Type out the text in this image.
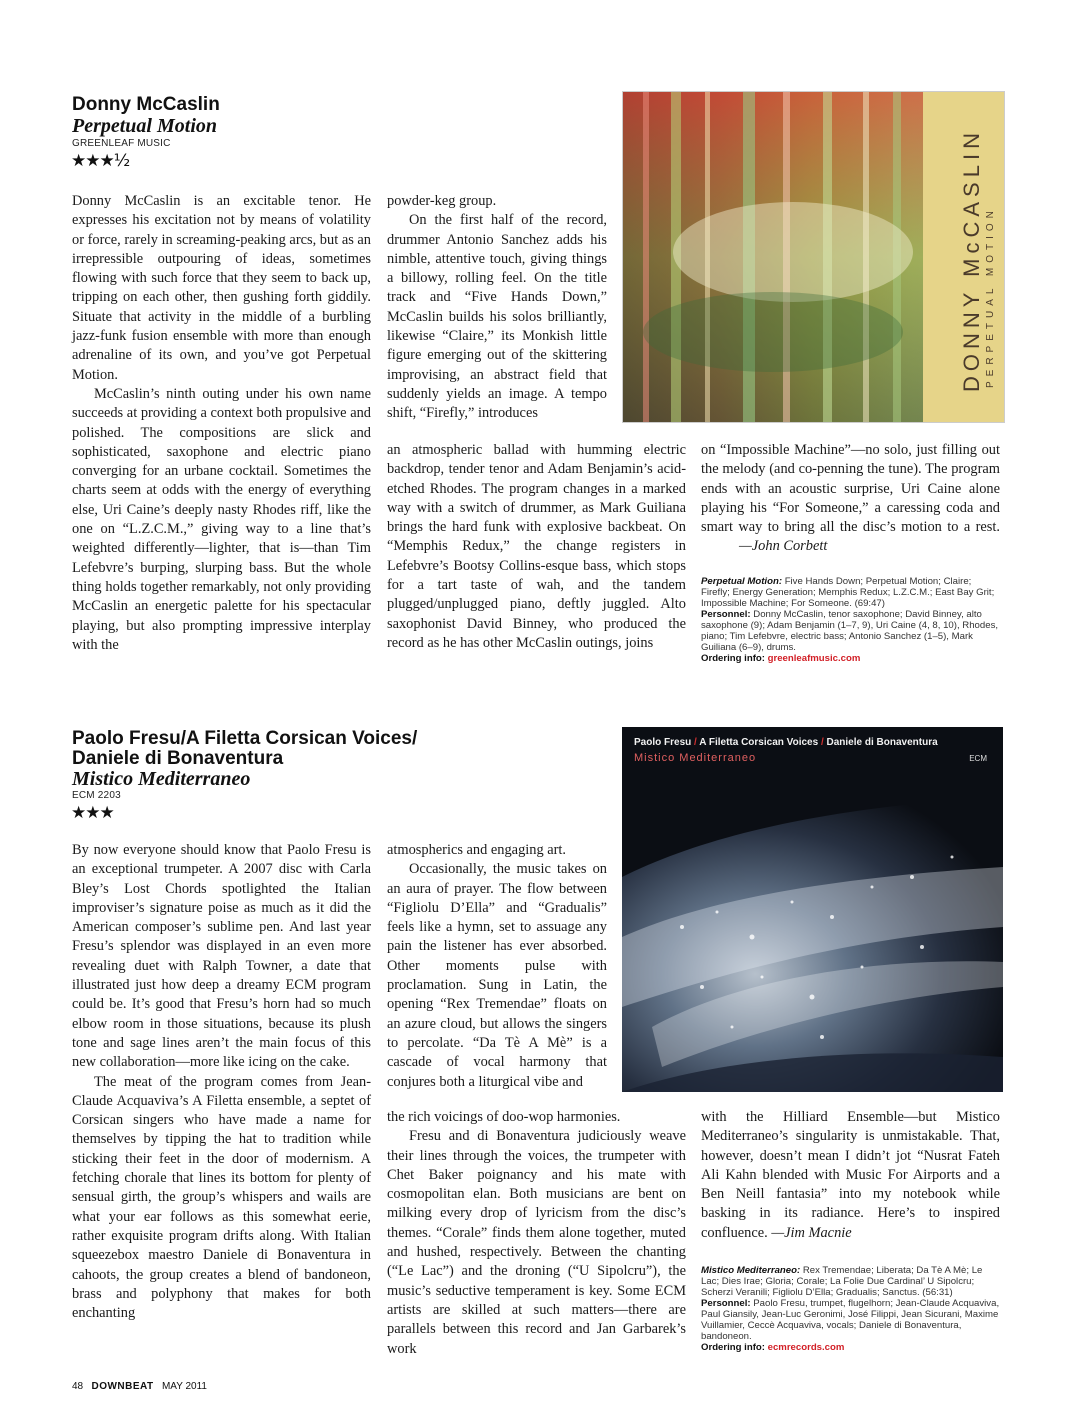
Donny McCaslin
Perpetual Motion
GREENLEAF MUSIC
★★★½

Donny McCaslin is an excitable tenor. He expresses his excitation not by means of volatility or force, rarely in screaming-peaking arcs, but as an irrepressible outpouring of ideas, sometimes flowing with such force that they seem to back up, tripping on each other, then gushing forth giddily. Situate that activity in the middle of a burbling jazz-funk fusion ensemble with more than enough adrenaline of its own, and you’ve got Perpetual Motion.

McCaslin’s ninth outing under his own name succeeds at providing a context both propulsive and polished. The compositions are slick and sophisticated, saxophone and electric piano converging for an urbane cocktail. Sometimes the charts seem at odds with the energy of everything else, Uri Caine’s deeply nasty Rhodes riff, like the one on “L.Z.C.M.,” giving way to a line that’s weighted differently—lighter, that is—than Tim Lefebvre’s burping, slurping bass. But the whole thing holds together remarkably, not only providing McCaslin an energetic palette for his spectacular playing, but also prompting impressive interplay with the

powder-keg group.

On the first half of the record, drummer Antonio Sanchez adds his nimble, attentive touch, giving things a billowy, rolling feel. On the title track and “Five Hands Down,” McCaslin builds his solos brilliantly, likewise “Claire,” its Monkish little figure emerging out of the skittering improvising, an abstract field that suddenly yields an image. A tempo shift, “Firefly,” introduces

an atmospheric ballad with humming electric backdrop, tender tenor and Adam Benjamin’s acid-etched Rhodes. The program changes in a marked way with a switch of drummer, as Mark Guiliana brings the hard funk with explosive backbeat. On “Memphis Redux,” the change registers in Lefebvre’s Bootsy Collins-esque bass, which stops for a tart taste of wah, and the tandem plugged/unplugged piano, deftly juggled. Alto saxophonist David Binney, who produced the record as he has other McCaslin outings, joins

on “Impossible Machine”—no solo, just filling out the melody (and co-penning the tune). The program ends with an acoustic surprise, Uri Caine alone playing his “For Someone,” a caressing coda and smart way to bring all the disc’s motion to a rest.—John Corbett

Perpetual Motion: Five Hands Down; Perpetual Motion; Claire; Firefly; Energy Generation; Memphis Redux; L.Z.C.M.; East Bay Grit; Impossible Machine; For Someone. (69:47)

Personnel: Donny McCaslin, tenor saxophone; David Binney, alto saxophone (9); Adam Benjamin (1–7, 9), Uri Caine (4, 8, 10), Rhodes, piano; Tim Lefebvre, electric bass; Antonio Sanchez (1–5), Mark Guiliana (6–9), drums.

Ordering info: greenleafmusic.com

DONNY McCASLIN PERPETUAL MOTION
Paolo Fresu/A Filetta Corsican Voices/
Daniele di Bonaventura
Mistico Mediterraneo
ECM 2203
★★★

By now everyone should know that Paolo Fresu is an exceptional trumpeter. A 2007 disc with Carla Bley’s Lost Chords spotlighted the Italian improviser’s signature poise as much as it did the American composer’s sublime pen. And last year Fresu’s splendor was displayed in an even more revealing duet with Ralph Towner, a date that illustrated just how deep a dreamy ECM program could be. It’s good that Fresu’s horn had so much elbow room in those situations, because its plush tone and sage lines aren’t the main focus of this new collaboration—more like icing on the cake.

The meat of the program comes from Jean-Claude Acquaviva’s A Filetta ensemble, a septet of Corsican singers who have made a name for themselves by tipping the hat to tradition while sticking their feet in the door of modernism. A fetching chorale that lines its bottom for plenty of sensual girth, the group’s whispers and wails are what your ear follows as this somewhat eerie, rather exquisite program drifts along. With Italian squeezebox maestro Daniele di Bonaventura in cahoots, the group creates a blend of bandoneon, brass and polyphony that makes for both enchanting

atmospherics and engaging art.

Occasionally, the music takes on an aura of prayer. The flow between “Figliolu D’Ella” and “Gradualis” feels like a hymn, set to assuage any pain the listener has ever absorbed. Other moments pulse with proclamation. Sung in Latin, the opening “Rex Tremendae” floats on an azure cloud, but allows the singers to percolate. “Da Tè A Mè” is a cascade of vocal harmony that conjures both a liturgical vibe and

the rich voicings of doo-wop harmonies.

Fresu and di Bonaventura judiciously weave their lines through the voices, the trumpeter with Chet Baker poignancy and his mate with cosmopolitan elan. Both musicians are bent on milking every drop of lyricism from the disc’s themes. “Corale” finds them alone together, muted and hushed, respectively. Between the chanting (“Le Lac”) and the droning (“U Sipolcru”), the music’s seductive temperament is key. Some ECM artists are skilled at such matters—there are parallels between this record and Jan Garbarek’s work

with the Hilliard Ensemble—but Mistico Mediterraneo’s singularity is unmistakable. That, however, doesn’t mean I didn’t jot “Nusrat Fateh Ali Kahn blended with Music For Airports and a Ben Neill fantasia” into my notebook while basking in its radiance. Here’s to inspired confluence. —Jim Macnie

Mistico Mediterraneo: Rex Tremendae; Liberata; Da Tè A Mè; Le Lac; Dies Irae; Gloria; Corale; La Folie Due Cardinal’ U Sipolcru; Scherzi Veranili; Figliolu D’Ella; Gradualis; Sanctus. (56:31)

Personnel: Paolo Fresu, trumpet, flugelhorn; Jean-Claude Acquaviva, Paul Giansily, Jean-Luc Geronimi, José Filippi, Jean Sicurani, Maxime Vuillamier, Ceccè Acquaviva, vocals; Daniele di Bonaventura, bandoneon.

Ordering info: ecmrecords.com

Paolo Fresu / A Filetta Corsican Voices / Daniele di Bonaventura
Mistico Mediterraneo	ECM
48 DOWNBEAT MAY 2011
